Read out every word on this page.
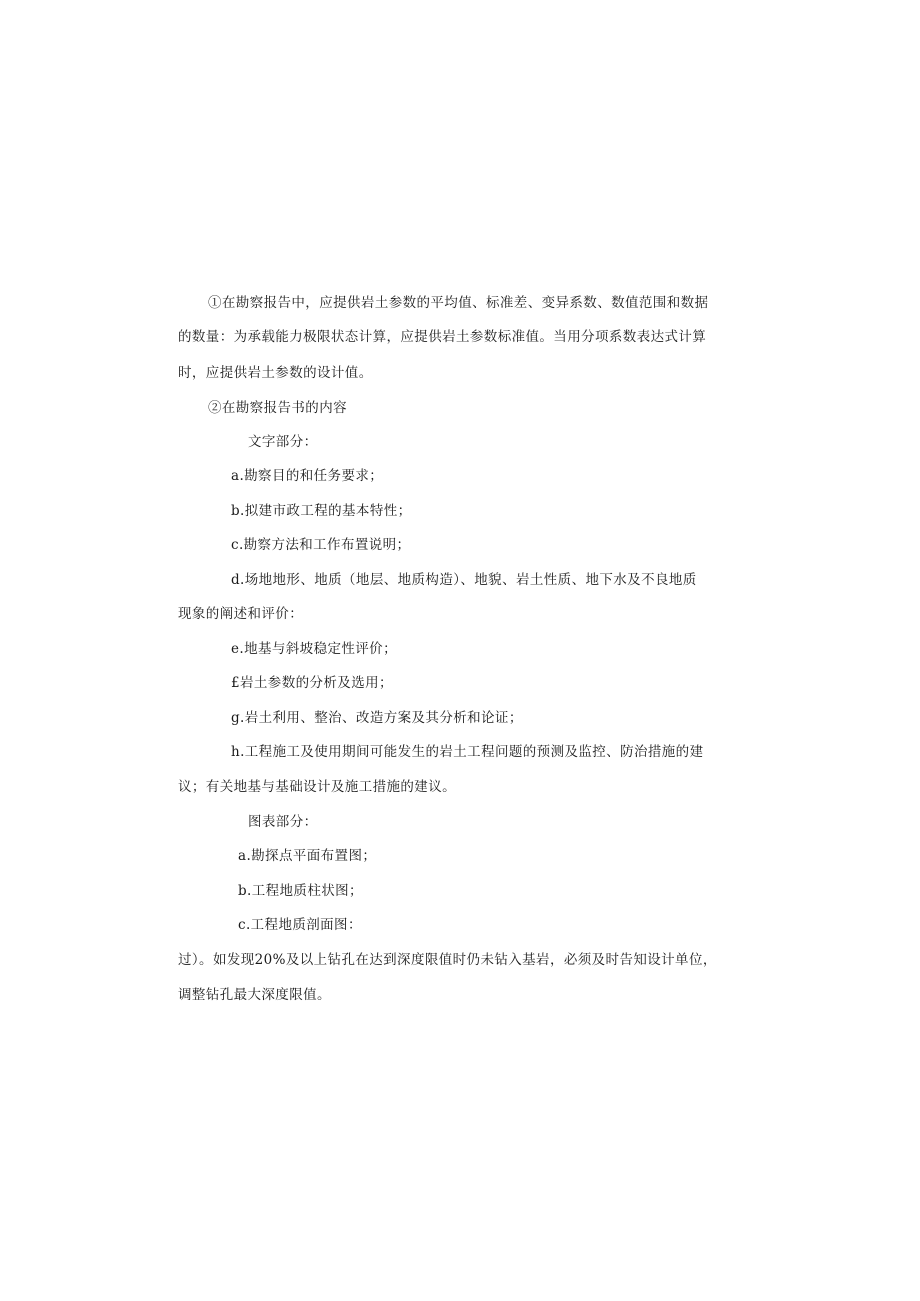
①在勘察报告中，应提供岩土参数的平均值、标准差、变异系数、数值范围和数据
的数量：为承载能力极限状态计算，应提供岩土参数标准值。当用分项系数表达式计算
时，应提供岩土参数的设计值。
②在勘察报告书的内容
文字部分：
a.勘察目的和任务要求；
b.拟建市政工程的基本特性；
c.勘察方法和工作布置说明；
d.场地地形、地质（地层、地质构造）、地貌、岩土性质、地下水及不良地质
现象的阐述和评价：
e.地基与斜坡稳定性评价；
£岩土参数的分析及选用；
g.岩土利用、整治、改造方案及其分析和论证；
h.工程施工及使用期间可能发生的岩土工程问题的预测及监控、防治措施的建
议；有关地基与基础设计及施工措施的建议。
图表部分：
a.勘探点平面布置图；
b.工程地质柱状图；
c.工程地质剖面图：
过）。如发现20%及以上钻孔在达到深度限值时仍未钻入基岩，必须及时告知设计单位，
调整钻孔最大深度限值。
